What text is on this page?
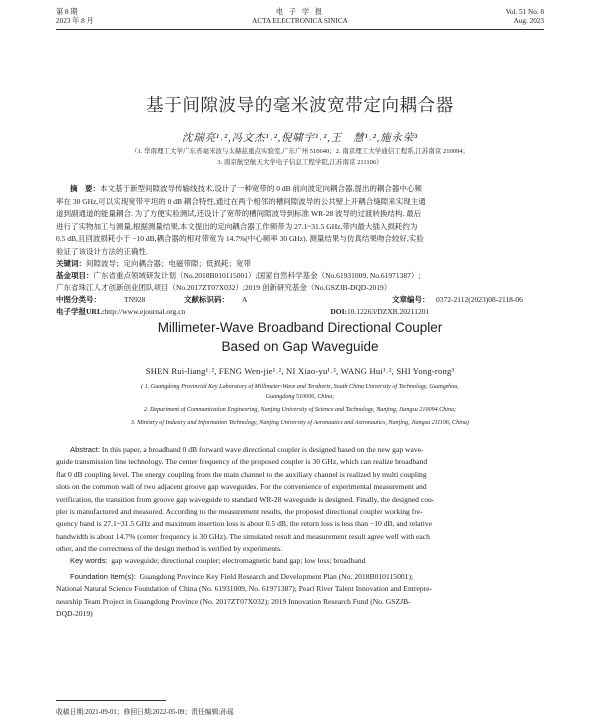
第 8 期
2023 年 8 月
电 子 学 报
ACTA ELECTRONICA SINICA
Vol. 51 No. 8
Aug. 2023
基于间隙波导的毫米波宽带定向耦合器
沈瑞亮¹˒²,冯文杰¹˒²,倪啸宇¹˒²,王　慧¹˒²,施永荣³
（1. 华南理工大学广东省毫米波与太赫兹重点实验室,广东广州 510640；2. 南京理工大学通信工程系,江苏南京 210094；
3. 南京航空航天大学电子信息工程学院,江苏南京 211106）
摘　要：本文基于新型间隙波导传输线技术,设计了一种宽带的 0 dB 前向波定向耦合器,提出的耦合器中心频
率在 30 GHz,可以实现宽带平坦的 0 dB 耦合特性,通过在两个相邻的槽间隙波导的公共壁上开耦合缝隙来实现主通
道到副通道的能量耦合. 为了方便实验测试,还设计了宽带的槽间隙波导到标准 WR-28 波导的过渡转换结构. 最后
进行了实物加工与测量,根据测量结果,本文提出的定向耦合器工作频带为 27.1~31.5 GHz,带内最大插入损耗约为
0.5 dB,且回波损耗小于 −10 dB,耦合器的相对带宽为 14.7%(中心频率 30 GHz). 测量结果与仿真结果吻合较好,实验
验证了该设计方法的正确性.
关键词：间隙波导；定向耦合器；电磁带隙；低损耗；宽带
基金项目：广东省重点领域研发计划（No.2018B010115001）;国家自然科学基金（No.61931009, No.61971387）;
广东省珠江人才创新创业团队项目（No.2017ZT07X032）;2019 创新研究基金（No.GSZJB-DQD-2019）
中图分类号：	TN928	文献标识码： A	文章编号： 0372-2112(2023)08-2118-06
电子学报URL:http://www.ejournal.org.cn	DOI:10.12263/DZXB.20211201
Millimeter-Wave Broadband Directional Coupler
Based on Gap Waveguide
SHEN Rui-liang¹˒², FENG Wen-jie¹˒², NI Xiao-yu¹˒², WANG Hui¹˒², SHI Yong-rong³
( 1. Guangdong Provincial Key Laboratory of Millimeter-Wave and Terahertz, South China University of Technology, Guangzhou,
Guangdong 510006, China;
2. Department of Communication Engineering, Nanjing University of Science and Technology, Nanjing, Jiangsu 210094 China;
3. Ministry of Industry and Information Technology, Nanjing University of Aeronautics and Astronautics, Nanjing, Jiangsu 211106, China)
Abstract: In this paper, a broadband 0 dB forward wave directional coupler is designed based on the new gap wave-
guide transmission line technology. The center frequency of the proposed coupler is 30 GHz, which can realize broadband
flat 0 dB coupling level. The energy coupling from the main channel to the auxiliary channel is realized by multi coupling
slots on the common wall of two adjacent groove gap waveguides. For the convenience of experimental measurement and
verification, the transition from groove gap waveguide to standard WR-28 waveguide is designed. Finally, the designed cou-
pler is manufactured and measured. According to the measurement results, the proposed directional coupler working fre-
quency band is 27.1~31.5 GHz and maximum insertion loss is about 0.5 dB, the return loss is less than −10 dB, and relative
bandwidth is about 14.7% (center frequency is 30 GHz). The simulated result and measurement result agree well with each
other, and the correctness of the design method is verified by experiments.
Key words: gap waveguide; directional coupler; electromagnetic band gap; low loss; broadband
Foundation Item(s): Guangdong Province Key Field Research and Development Plan (No. 2018B010115001);
National Natural Science Foundation of China (No. 61931009, No. 61971387); Pearl River Talent Innovation and Entrepre-
neurship Team Project in Guangdong Province (No. 2017ZT07X032); 2019 Innovation Research Fund (No. GSZJB-
DQD-2019)
收稿日期:2021-09-01；修回日期:2022-05-09；责任编辑:孙瑶
